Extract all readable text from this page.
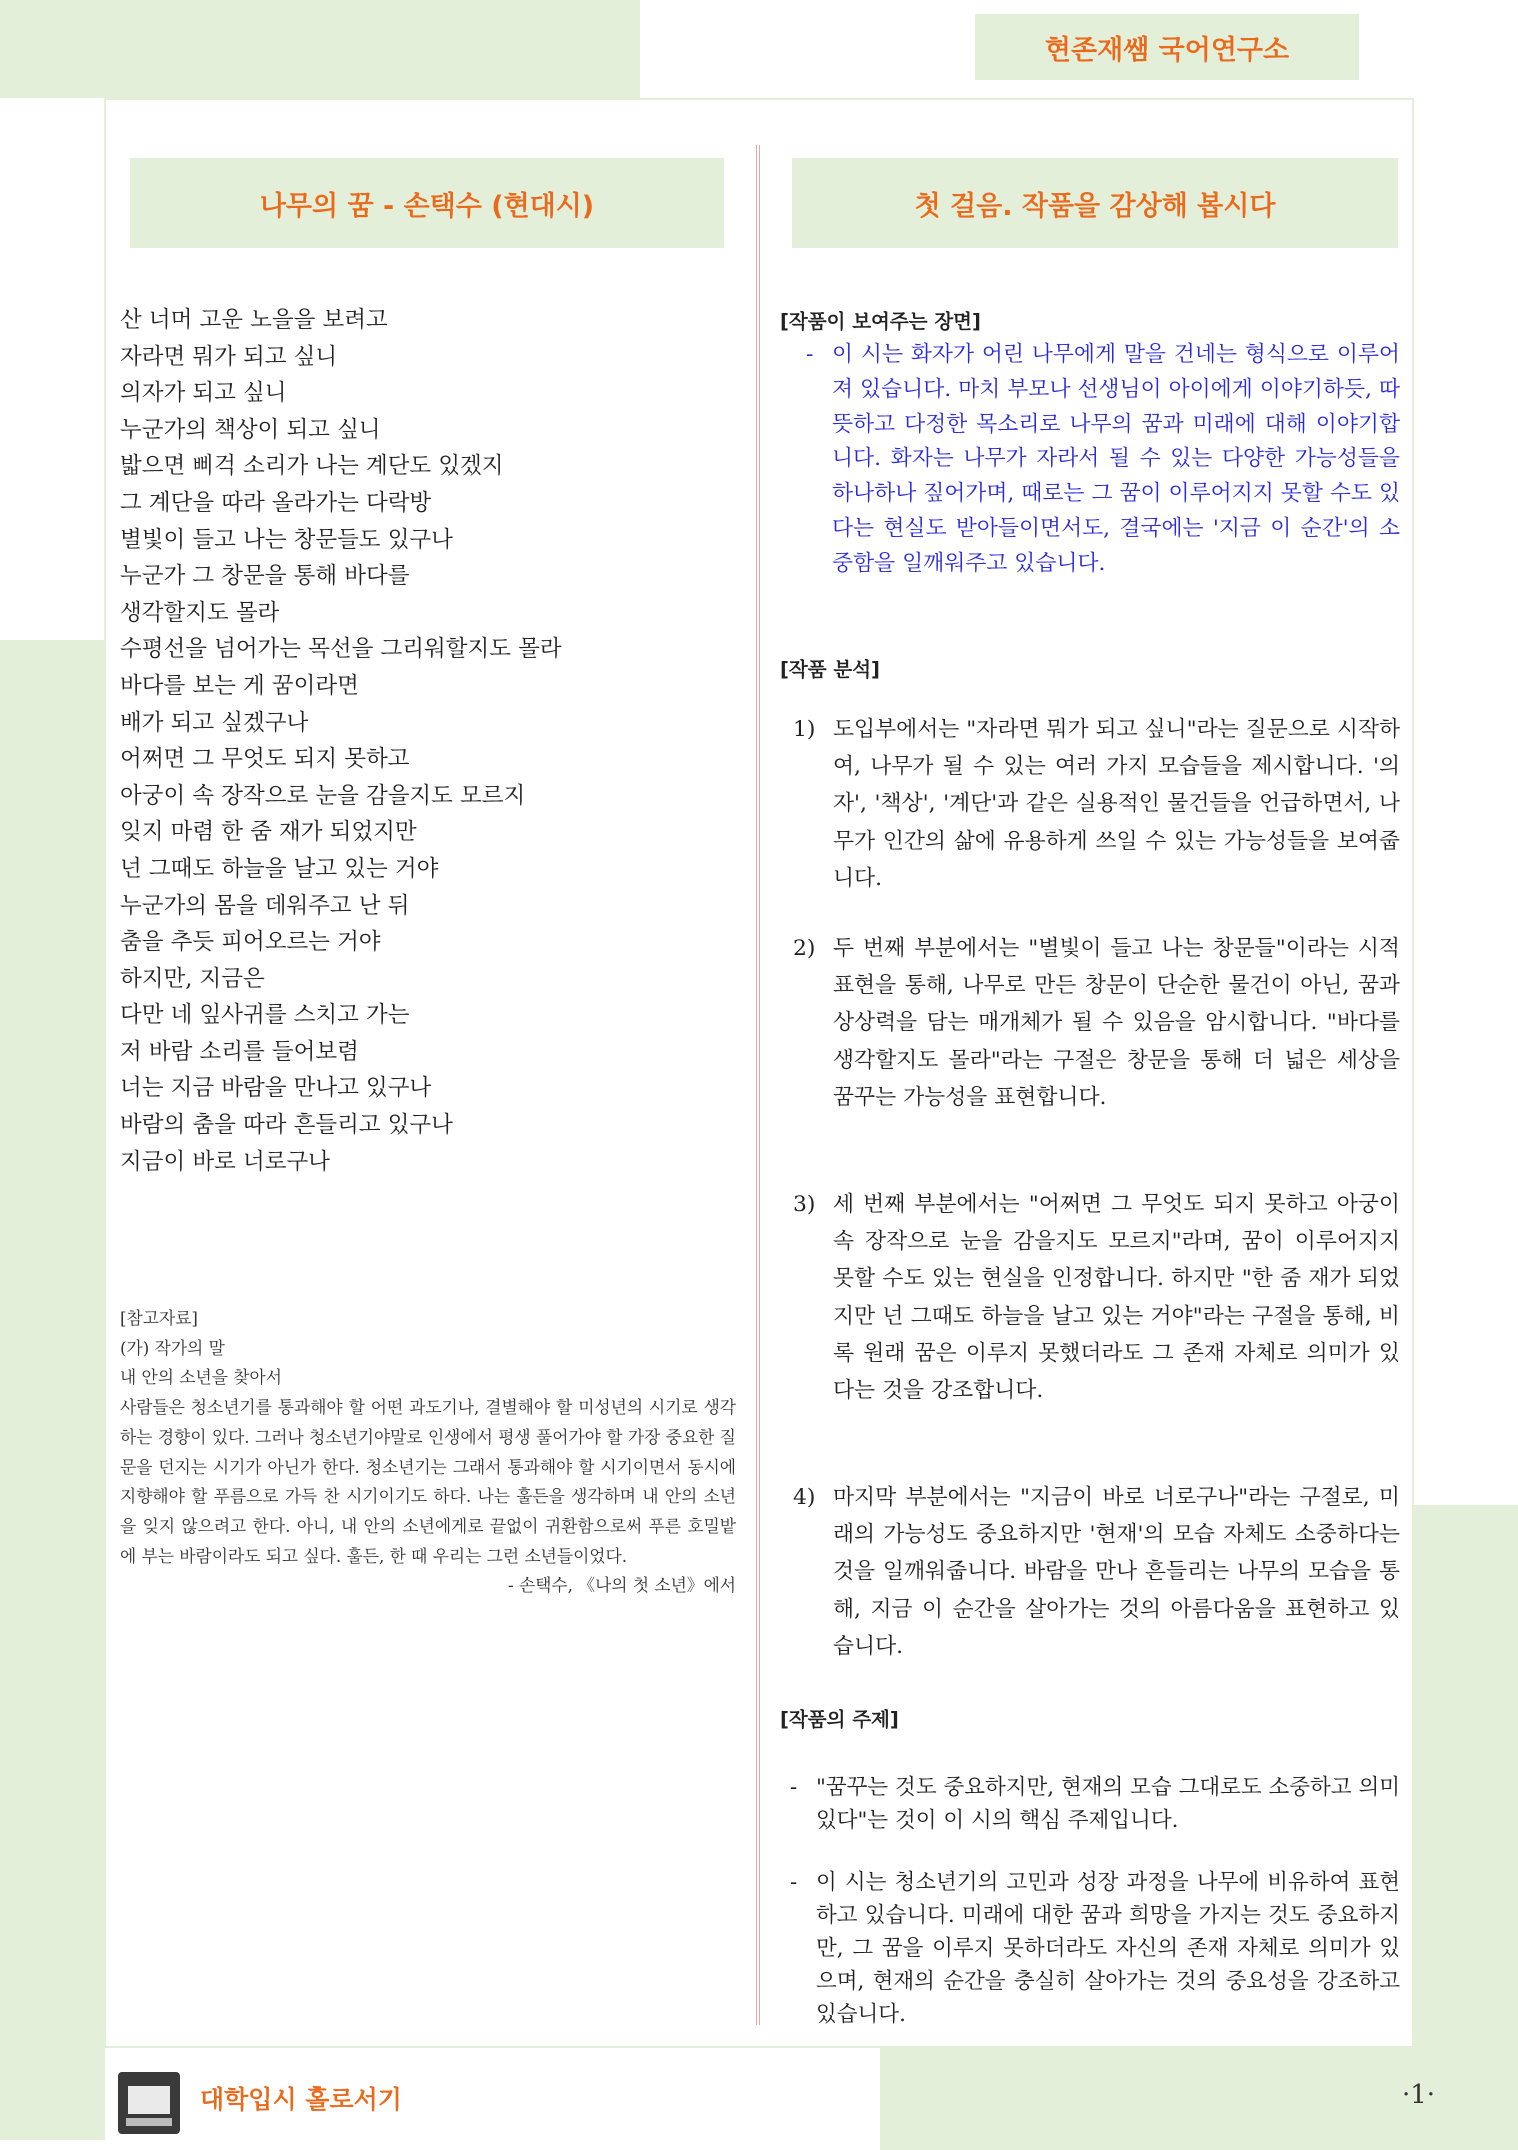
현존재쌤 국어연구소
나무의 꿈 - 손택수 (현대시)	첫 걸음. 작품을 감상해 봅시다
산 너머 고운 노을을 보려고
자라면 뭐가 되고 싶니
의자가 되고 싶니
누군가의 책상이 되고 싶니
밟으면 삐걱 소리가 나는 계단도 있겠지
그 계단을 따라 올라가는 다락방
별빛이 들고 나는 창문들도 있구나
누군가 그 창문을 통해 바다를
생각할지도 몰라
수평선을 넘어가는 목선을 그리워할지도 몰라
바다를 보는 게 꿈이라면
배가 되고 싶겠구나
어쩌면 그 무엇도 되지 못하고
아궁이 속 장작으로 눈을 감을지도 모르지
잊지 마렴 한 줌 재가 되었지만
넌 그때도 하늘을 날고 있는 거야
누군가의 몸을 데워주고 난 뒤
춤을 추듯 피어오르는 거야
하지만, 지금은
다만 네 잎사귀를 스치고 가는
저 바람 소리를 들어보렴
너는 지금 바람을 만나고 있구나
바람의 춤을 따라 흔들리고 있구나
지금이 바로 너로구나
[참고자료]
(가) 작가의 말
내 안의 소년을 찾아서
사람들은 청소년기를 통과해야 할 어떤 과도기나, 결별해야 할 미성년의 시기로 생각하는 경향이 있다. 그러나 청소년기야말로 인생에서 평생 풀어가야 할 가장 중요한 질문을 던지는 시기가 아닌가 한다. 청소년기는 그래서 통과해야 할 시기이면서 동시에 지향해야 할 푸름으로 가득 찬 시기이기도 하다. 나는 훌든을 생각하며 내 안의 소년을 잊지 않으려고 한다. 아니, 내 안의 소년에게로 끝없이 귀환함으로써 푸른 호밀밭에 부는 바람이라도 되고 싶다. 훌든, 한 때 우리는 그런 소년들이었다.
- 손택수, 《나의 첫 소년》에서
[작품이 보여주는 장면]
- 이 시는 화자가 어린 나무에게 말을 건네는 형식으로 이루어져 있습니다. 마치 부모나 선생님이 아이에게 이야기하듯, 따뜻하고 다정한 목소리로 나무의 꿈과 미래에 대해 이야기합니다. 화자는 나무가 자라서 될 수 있는 다양한 가능성들을 하나하나 짚어가며, 때로는 그 꿈이 이루어지지 못할 수도 있다는 현실도 받아들이면서도, 결국에는 '지금 이 순간'의 소중함을 일깨워주고 있습니다.
[작품 분석]
1) 도입부에서는 "자라면 뭐가 되고 싶니"라는 질문으로 시작하여, 나무가 될 수 있는 여러 가지 모습들을 제시합니다. '의자', '책상', '계단'과 같은 실용적인 물건들을 언급하면서, 나무가 인간의 삶에 유용하게 쓰일 수 있는 가능성들을 보여줍니다.
2) 두 번째 부분에서는 "별빛이 들고 나는 창문들"이라는 시적 표현을 통해, 나무로 만든 창문이 단순한 물건이 아닌, 꿈과 상상력을 담는 매개체가 될 수 있음을 암시합니다. "바다를 생각할지도 몰라"라는 구절은 창문을 통해 더 넓은 세상을 꿈꾸는 가능성을 표현합니다.
3) 세 번째 부분에서는 "어쩌면 그 무엇도 되지 못하고 아궁이 속 장작으로 눈을 감을지도 모르지"라며, 꿈이 이루어지지 못할 수도 있는 현실을 인정합니다. 하지만 "한 줌 재가 되었지만 넌 그때도 하늘을 날고 있는 거야"라는 구절을 통해, 비록 원래 꿈은 이루지 못했더라도 그 존재 자체로 의미가 있다는 것을 강조합니다.
4) 마지막 부분에서는 "지금이 바로 너로구나"라는 구절로, 미래의 가능성도 중요하지만 '현재'의 모습 자체도 소중하다는 것을 일깨워줍니다. 바람을 만나 흔들리는 나무의 모습을 통해, 지금 이 순간을 살아가는 것의 아름다움을 표현하고 있습니다.
[작품의 주제]
- "꿈꾸는 것도 중요하지만, 현재의 모습 그대로도 소중하고 의미 있다"는 것이 이 시의 핵심 주제입니다.
- 이 시는 청소년기의 고민과 성장 과정을 나무에 비유하여 표현하고 있습니다. 미래에 대한 꿈과 희망을 가지는 것도 중요하지만, 그 꿈을 이루지 못하더라도 자신의 존재 자체로 의미가 있으며, 현재의 순간을 충실히 살아가는 것의 중요성을 강조하고 있습니다.
대학입시 홀로서기	·1·
